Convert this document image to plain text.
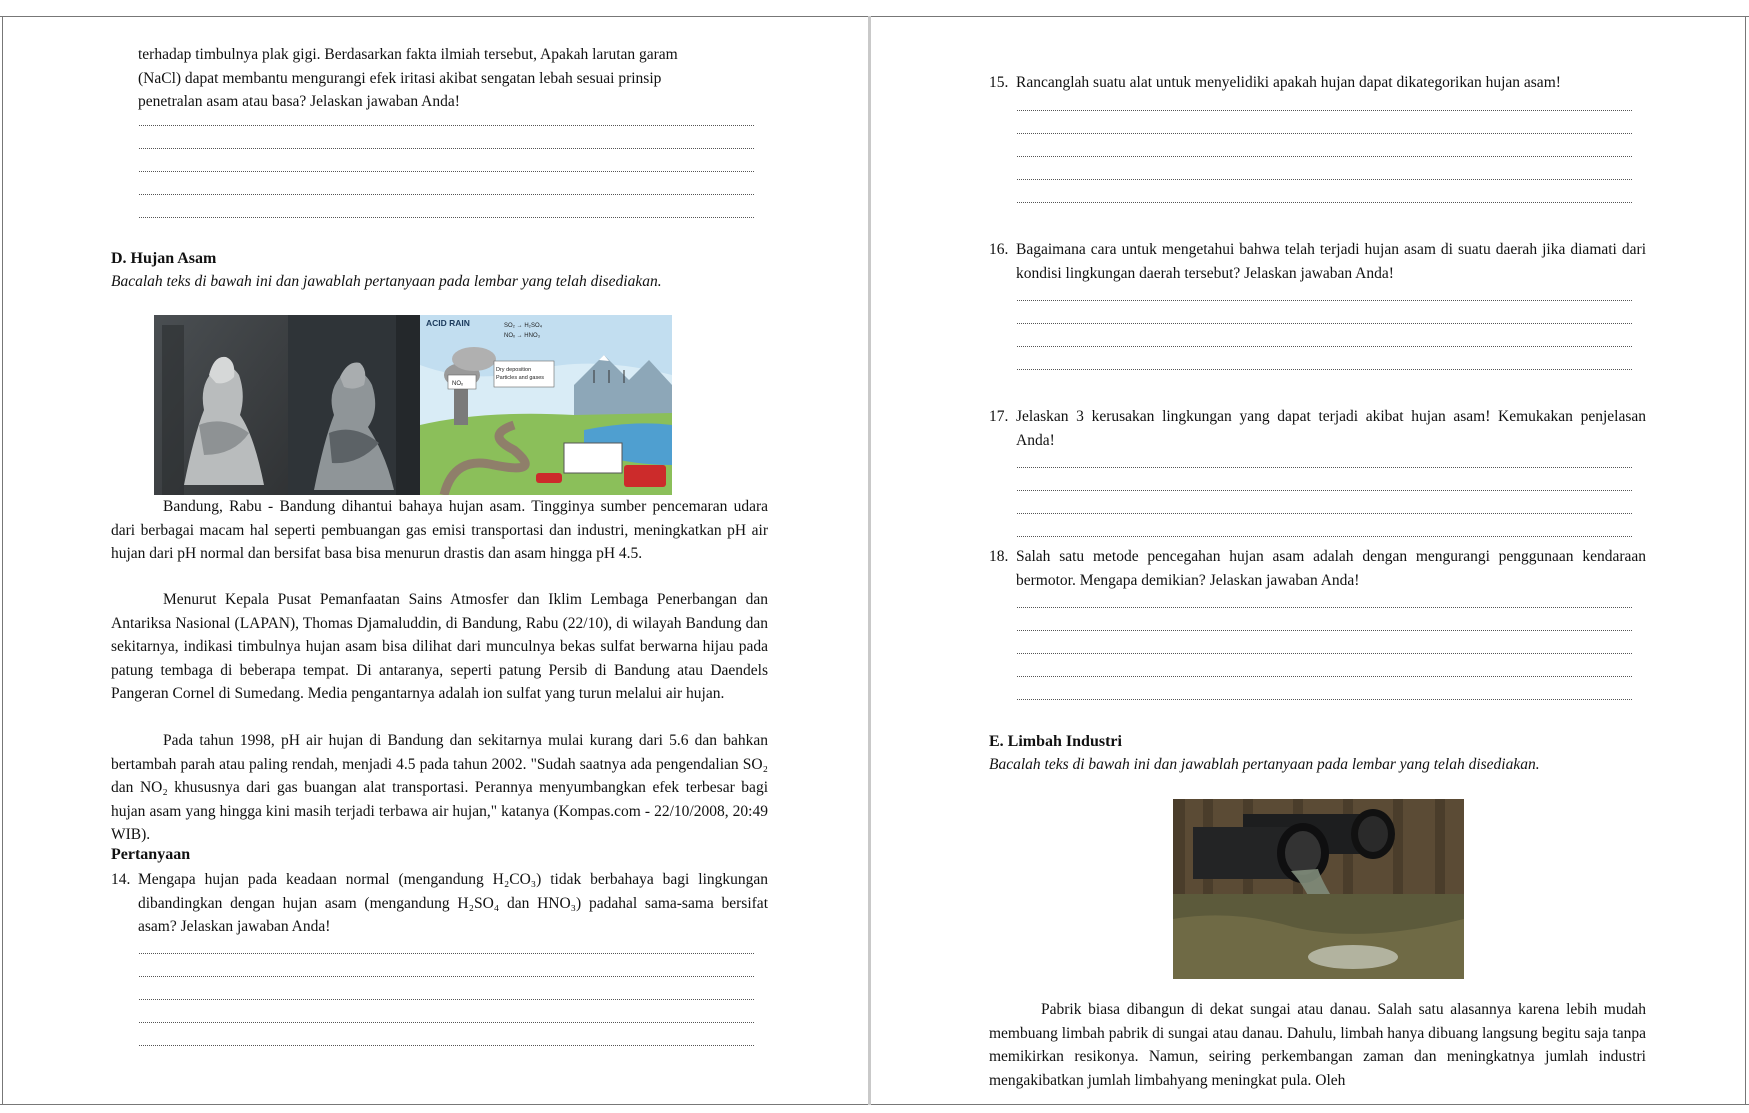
terhadap timbulnya plak gigi. Berdasarkan fakta ilmiah tersebut, Apakah larutan garam
(NaCl) dapat membantu mengurangi efek iritasi akibat sengatan lebah sesuai prinsip
penetralan asam atau basa? Jelaskan jawaban Anda!
D. Hujan Asam
Bacalah teks di bawah ini dan jawablah pertanyaan pada lembar yang telah disediakan.
ACID RAIN	SO₂ → H₂SO₄
NOₓ → HNO₃
Dry deposition
Particles and gases
NOₓ
Bandung, Rabu - Bandung dihantui bahaya hujan asam. Tingginya sumber pencemaran udara dari berbagai macam hal seperti pembuangan gas emisi transportasi dan industri, meningkatkan pH air hujan dari pH normal dan bersifat basa bisa menurun drastis dan asam hingga pH 4.5.
Menurut Kepala Pusat Pemanfaatan Sains Atmosfer dan Iklim Lembaga Penerbangan dan Antariksa Nasional (LAPAN), Thomas Djamaluddin, di Bandung, Rabu (22/10), di wilayah Bandung dan sekitarnya, indikasi timbulnya hujan asam bisa dilihat dari munculnya bekas sulfat berwarna hijau pada patung tembaga di beberapa tempat. Di antaranya, seperti patung Persib di Bandung atau Daendels Pangeran Cornel di Sumedang. Media pengantarnya adalah ion sulfat yang turun melalui air hujan.
Pada tahun 1998, pH air hujan di Bandung dan sekitarnya mulai kurang dari 5.6 dan bahkan bertambah parah atau paling rendah, menjadi 4.5 pada tahun 2002. "Sudah saatnya ada pengendalian SO₂ dan NO₂ khususnya dari gas buangan alat transportasi. Perannya menyumbangkan efek terbesar bagi hujan asam yang hingga kini masih terjadi terbawa air hujan," katanya (Kompas.com - 22/10/2008, 20:49 WIB).
Pertanyaan
14. Mengapa hujan pada keadaan normal (mengandung H₂CO₃) tidak berbahaya bagi lingkungan dibandingkan dengan hujan asam (mengandung H₂SO₄ dan HNO₃) padahal sama-sama bersifat asam? Jelaskan jawaban Anda!
15. Rancanglah suatu alat untuk menyelidiki apakah hujan dapat dikategorikan hujan asam!
16. Bagaimana cara untuk mengetahui bahwa telah terjadi hujan asam di suatu daerah jika diamati dari kondisi lingkungan daerah tersebut? Jelaskan jawaban Anda!
17. Jelaskan 3 kerusakan lingkungan yang dapat terjadi akibat hujan asam! Kemukakan penjelasan Anda!
18. Salah satu metode pencegahan hujan asam adalah dengan mengurangi penggunaan kendaraan bermotor. Mengapa demikian? Jelaskan jawaban Anda!
E. Limbah Industri
Bacalah teks di bawah ini dan jawablah pertanyaan pada lembar yang telah disediakan.
Pabrik biasa dibangun di dekat sungai atau danau. Salah satu alasannya karena lebih mudah membuang limbah pabrik di sungai atau danau. Dahulu, limbah hanya dibuang langsung begitu saja tanpa memikirkan resikonya. Namun, seiring perkembangan zaman dan meningkatnya jumlah industri mengakibatkan jumlah limbahyang meningkat pula. Oleh
